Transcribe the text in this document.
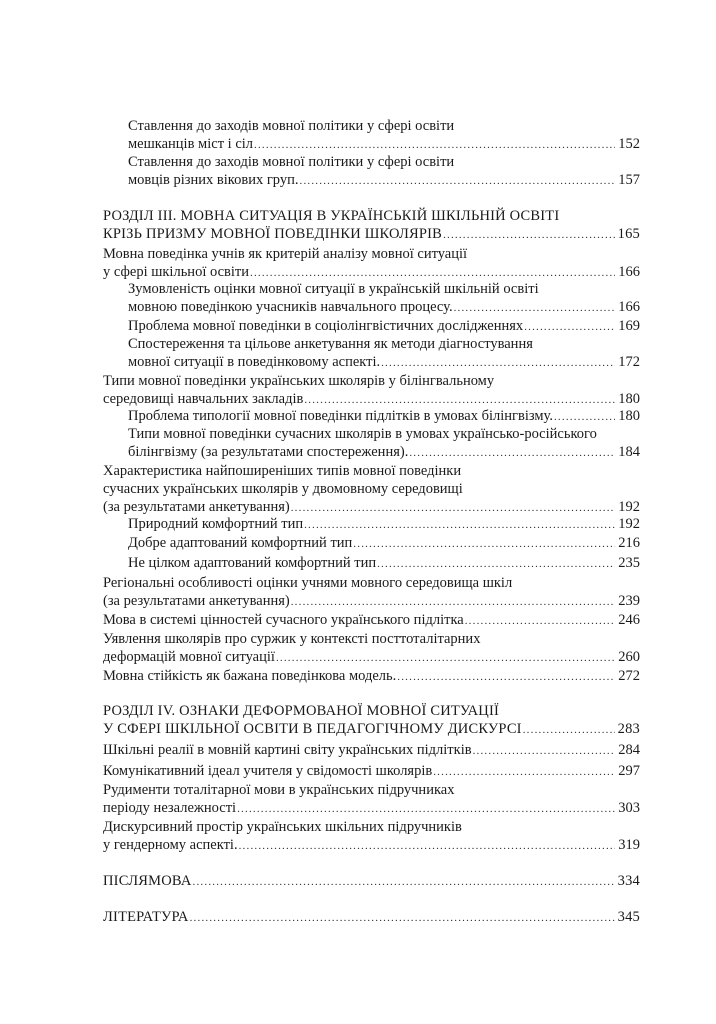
Ставлення до заходів мовної політики у сфері освіти
мешканців міст і сіл .....	152
Ставлення до заходів мовної політики у сфері освіти
мовців різних вікових груп. .....	157
РОЗДІЛ ІІІ. МОВНА СИТУАЦІЯ В УКРАЇНСЬКІЙ ШКІЛЬНІЙ ОСВІТІ
КРІЗЬ ПРИЗМУ МОВНОЇ ПОВЕДІНКИ ШКОЛЯРІВ .....	165
Мовна поведінка учнів як критерій аналізу мовної ситуації
у сфері шкільної освіти .....	166
Зумовленість оцінки мовної ситуації в українській шкільній освіті
мовною поведінкою учасників навчального процесу. .....	166
Проблема мовної поведінки в соціолінгвістичних дослідженнях .....	169
Спостереження та цільове анкетування як методи діагностування
мовної ситуації в поведінковому аспекті. .....	172
Типи мовної поведінки українських школярів у білінгвальному
середовищі навчальних закладів .....	180
Проблема типології мовної поведінки підлітків в умовах білінгвізму. .....	180
Типи мовної поведінки сучасних школярів в умовах українсько-російського
білінгвізму (за результатами спостереження). .....	184
Характеристика найпоширеніших типів мовної поведінки
сучасних українських школярів у двомовному середовищі
(за результатами анкетування) .....	192
Природний комфортний тип .....	192
Добре адаптований комфортний тип .....	216
Не цілком адаптований комфортний тип .....	235
Регіональні особливості оцінки учнями мовного середовища шкіл
(за результатами анкетування) .....	239
Мова в системі цінностей сучасного українського підлітка .....	246
Уявлення школярів про суржик у контексті посттоталітарних
деформацій мовної ситуації .....	260
Мовна стійкість як бажана поведінкова модель. .....	272
РОЗДІЛ IV. ОЗНАКИ ДЕФОРМОВАНОЇ МОВНОЇ СИТУАЦІЇ
У СФЕРІ ШКІЛЬНОЇ ОСВІТИ В ПЕДАГОГІЧНОМУ ДИСКУРСІ .....	283
Шкільні реалії в мовній картині світу українських підлітків .....	284
Комунікативний ідеал учителя у свідомості школярів .....	297
Рудименти тоталітарної мови в українських підручниках
періоду незалежності .....	303
Дискурсивний простір українських шкільних підручників
у гендерному аспекті. .....	319
ПІСЛЯМОВА .....	334
ЛІТЕРАТУРА .....	345
